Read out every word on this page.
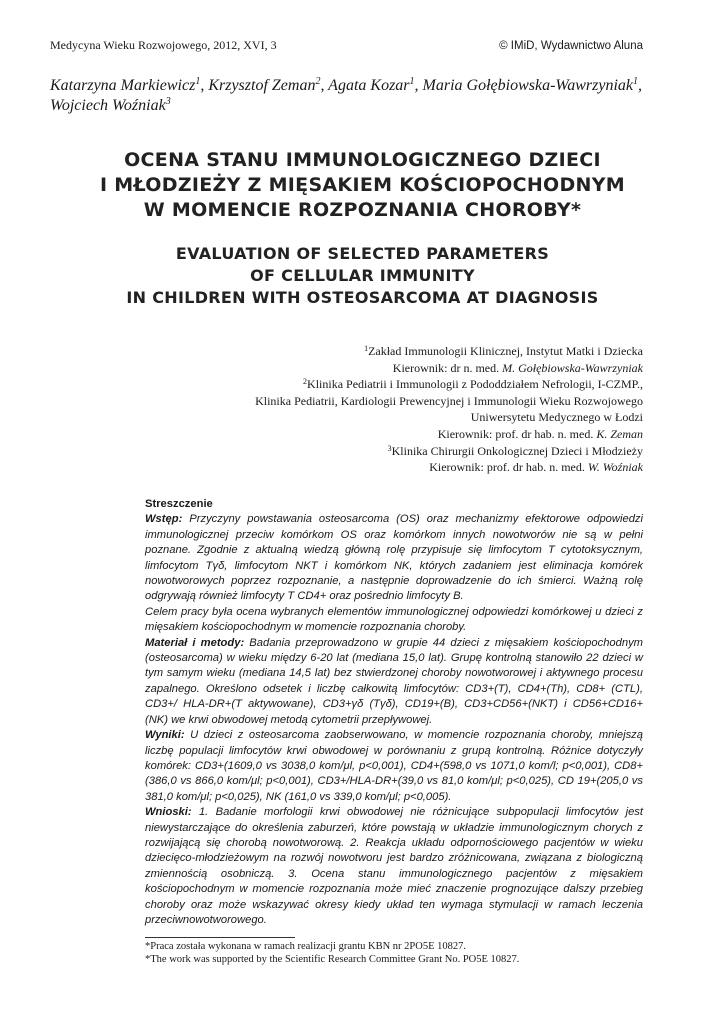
Medycyna Wieku Rozwojowego, 2012, XVI, 3	© IMiD, Wydawnictwo Aluna
Katarzyna Markiewicz$^1$, Krzysztof Zeman$^2$, Agata Kozar$^1$, Maria Gołębiowska-Wawrzyniak$^1$,
Wojciech Woźniak$^3$
OCENA STANU IMMUNOLOGICZNEGO DZIECI
I MŁODZIEŻY Z MIĘSAKIEM KOŚCIOPOCHODNYM
W MOMENCIE ROZPOZNANIA CHOROBY*
EVALUATION OF SELECTED PARAMETERS
OF CELLULAR IMMUNITY
IN CHILDREN WITH OSTEOSARCOMA AT DIAGNOSIS
$^1$Zakład Immunologii Klinicznej, Instytut Matki i Dziecka
Kierownik: dr n. med. M. Gołębiowska-Wawrzyniak
$^2$Klinika Pediatrii i Immunologii z Pododdziałem Nefrologii, I-CZMP.,
Klinika Pediatrii, Kardiologii Prewencyjnej i Immunologii Wieku Rozwojowego
Uniwersytetu Medycznego w Łodzi
Kierownik: prof. dr hab. n. med. K. Zeman
$^3$Klinika Chirurgii Onkologicznej Dzieci i Młodzieży
Kierownik: prof. dr hab. n. med. W. Woźniak

Streszczenie

Wstęp: Przyczyny powstawania osteosarcoma (OS) oraz mechanizmy efektorowe odpowiedzi immunologicznej przeciw komórkom OS oraz komórkom innych nowotworów nie są w pełni poznane. Zgodnie z aktualną wiedzą główną rolę przypisuje się limfocytom T cytotoksycznym, limfocytom Tγδ, limfocytom NKT i komórkom NK, których zadaniem jest eliminacja komórek nowotworowych poprzez rozpoznanie, a następnie doprowadzenie do ich śmierci. Ważną rolę odgrywają również limfocyty T CD4+ oraz pośrednio limfocyty B.

Celem pracy była ocena wybranych elementów immunologicznej odpowiedzi komórkowej u dzieci z mięsakiem kościopochodnym w momencie rozpoznania choroby.

Materiał i metody: Badania przeprowadzono w grupie 44 dzieci z mięsakiem kościopochodnym (osteosarcoma) w wieku między 6-20 lat (mediana 15,0 lat). Grupę kontrolną stanowiło 22 dzieci w tym samym wieku (mediana 14,5 lat) bez stwierdzonej choroby nowotworowej i aktywnego procesu zapalnego. Określono odsetek i liczbę całkowitą limfocytów: CD3+(T), CD4+(Th), CD8+ (CTL), CD3+/ HLA-DR+(T aktywowane), CD3+γδ (Tγδ), CD19+(B), CD3+CD56+(NKT) i CD56+CD16+ (NK) we krwi obwodowej metodą cytometrii przepływowej.

Wyniki: U dzieci z osteosarcoma zaobserwowano, w momencie rozpoznania choroby, mniejszą liczbę populacji limfocytów krwi obwodowej w porównaniu z grupą kontrolną. Różnice dotyczyły komórek: CD3+(1609,0 vs 3038,0 kom/μl, p<0,001), CD4+(598,0 vs 1071,0 kom/l; p<0,001), CD8+(386,0 vs 866,0 kom/μl; p<0,001), CD3+/HLA-DR+(39,0 vs 81,0 kom/μl; p<0,025), CD 19+(205,0 vs 381,0 kom/μl; p<0,025), NK (161,0 vs 339,0 kom/μl; p<0,005).

Wnioski: 1. Badanie morfologii krwi obwodowej nie różnicujące subpopulacji limfocytów jest niewystarczające do określenia zaburzeń, które powstają w układzie immunologicznym chorych z rozwijającą się chorobą nowotworową. 2. Reakcja układu odpornościowego pacjentów w wieku dziecięco-młodzieżowym na rozwój nowotworu jest bardzo zróżnicowana, związana z biologiczną zmiennością osobniczą. 3. Ocena stanu immunologicznego pacjentów z mięsakiem kościopochodnym w momencie rozpoznania może mieć znaczenie prognozujące dalszy przebieg choroby oraz może wskazywać okresy kiedy układ ten wymaga stymulacji w ramach leczenia przeciwnowotworowego.

*Praca została wykonana w ramach realizacji grantu KBN nr 2PO5E 10827.
*The work was supported by the Scientific Research Committee Grant No. PO5E 10827.
